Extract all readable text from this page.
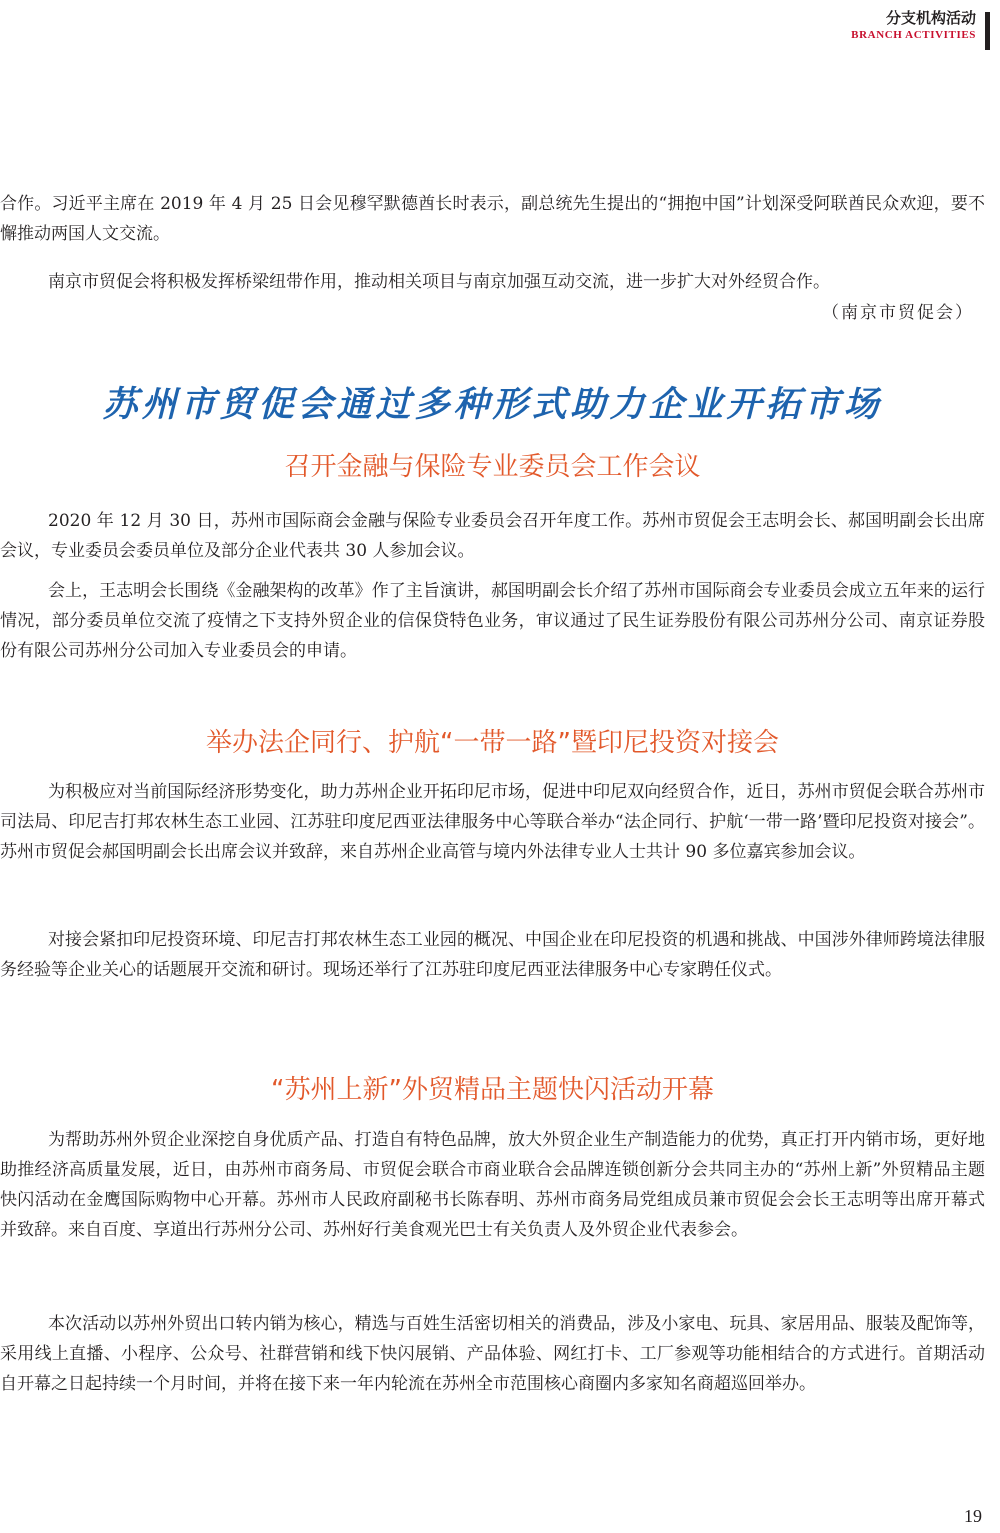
分支机构活动
BRANCH ACTIVITIES

合作。习近平主席在 2019 年 4 月 25 日会见穆罕默德酋长时表示，副总统先生提出的“拥抱中国”计划深受阿联酋民众欢迎，要不懈推动两国人文交流。

南京市贸促会将积极发挥桥梁纽带作用，推动相关项目与南京加强互动交流，进一步扩大对外经贸合作。

（南京市贸促会）
苏州市贸促会通过多种形式助力企业开拓市场
召开金融与保险专业委员会工作会议

2020 年 12 月 30 日，苏州市国际商会金融与保险专业委员会召开年度工作。苏州市贸促会王志明会长、郝国明副会长出席会议，专业委员会委员单位及部分企业代表共 30 人参加会议。

会上，王志明会长围绕《金融架构的改革》作了主旨演讲，郝国明副会长介绍了苏州市国际商会专业委员会成立五年来的运行情况，部分委员单位交流了疫情之下支持外贸企业的信保贷特色业务，审议通过了民生证券股份有限公司苏州分公司、南京证券股份有限公司苏州分公司加入专业委员会的申请。

举办法企同行、护航“一带一路”暨印尼投资对接会

为积极应对当前国际经济形势变化，助力苏州企业开拓印尼市场，促进中印尼双向经贸合作，近日，苏州市贸促会联合苏州市司法局、印尼吉打邦农林生态工业园、江苏驻印度尼西亚法律服务中心等联合举办“法企同行、护航‘一带一路’暨印尼投资对接会”。苏州市贸促会郝国明副会长出席会议并致辞，来自苏州企业高管与境内外法律专业人士共计 90 多位嘉宾参加会议。

对接会紧扣印尼投资环境、印尼吉打邦农林生态工业园的概况、中国企业在印尼投资的机遇和挑战、中国涉外律师跨境法律服务经验等企业关心的话题展开交流和研讨。现场还举行了江苏驻印度尼西亚法律服务中心专家聘任仪式。

“苏州上新”外贸精品主题快闪活动开幕

为帮助苏州外贸企业深挖自身优质产品、打造自有特色品牌，放大外贸企业生产制造能力的优势，真正打开内销市场，更好地助推经济高质量发展，近日，由苏州市商务局、市贸促会联合市商业联合会品牌连锁创新分会共同主办的“苏州上新”外贸精品主题快闪活动在金鹰国际购物中心开幕。苏州市人民政府副秘书长陈春明、苏州市商务局党组成员兼市贸促会会长王志明等出席开幕式并致辞。来自百度、享道出行苏州分公司、苏州好行美食观光巴士有关负责人及外贸企业代表参会。

本次活动以苏州外贸出口转内销为核心，精选与百姓生活密切相关的消费品，涉及小家电、玩具、家居用品、服装及配饰等，采用线上直播、小程序、公众号、社群营销和线下快闪展销、产品体验、网红打卡、工厂参观等功能相结合的方式进行。首期活动自开幕之日起持续一个月时间，并将在接下来一年内轮流在苏州全市范围核心商圈内多家知名商超巡回举办。

19
